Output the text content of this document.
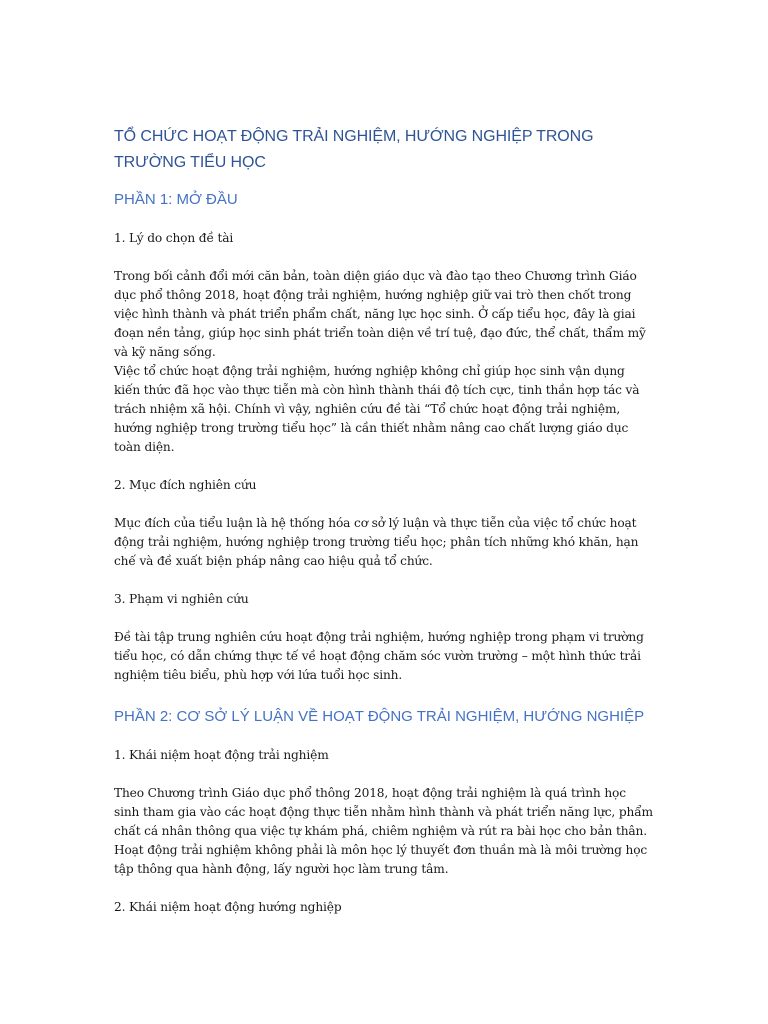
TỔ CHỨC HOẠT ĐỘNG TRẢI NGHIỆM, HƯỚNG NGHIỆP TRONG TRƯỜNG TIỂU HỌC
PHẦN 1: MỞ ĐẦU
1. Lý do chọn đề tài

Trong bối cảnh đổi mới căn bản, toàn diện giáo dục và đào tạo theo Chương trình Giáo dục phổ thông 2018, hoạt động trải nghiệm, hướng nghiệp giữ vai trò then chốt trong việc hình thành và phát triển phẩm chất, năng lực học sinh. Ở cấp tiểu học, đây là giai đoạn nền tảng, giúp học sinh phát triển toàn diện về trí tuệ, đạo đức, thể chất, thẩm mỹ và kỹ năng sống.

Việc tổ chức hoạt động trải nghiệm, hướng nghiệp không chỉ giúp học sinh vận dụng kiến thức đã học vào thực tiễn mà còn hình thành thái độ tích cực, tinh thần hợp tác và trách nhiệm xã hội. Chính vì vậy, nghiên cứu đề tài “Tổ chức hoạt động trải nghiệm, hướng nghiệp trong trường tiểu học” là cần thiết nhằm nâng cao chất lượng giáo dục toàn diện.

2. Mục đích nghiên cứu

Mục đích của tiểu luận là hệ thống hóa cơ sở lý luận và thực tiễn của việc tổ chức hoạt động trải nghiệm, hướng nghiệp trong trường tiểu học; phân tích những khó khăn, hạn chế và đề xuất biện pháp nâng cao hiệu quả tổ chức.

3. Phạm vi nghiên cứu

Đề tài tập trung nghiên cứu hoạt động trải nghiệm, hướng nghiệp trong phạm vi trường tiểu học, có dẫn chứng thực tế về hoạt động chăm sóc vườn trường – một hình thức trải nghiệm tiêu biểu, phù hợp với lứa tuổi học sinh.

PHẦN 2: CƠ SỞ LÝ LUẬN VỀ HOẠT ĐỘNG TRẢI NGHIỆM, HƯỚNG NGHIỆP
1. Khái niệm hoạt động trải nghiệm

Theo Chương trình Giáo dục phổ thông 2018, hoạt động trải nghiệm là quá trình học sinh tham gia vào các hoạt động thực tiễn nhằm hình thành và phát triển năng lực, phẩm chất cá nhân thông qua việc tự khám phá, chiêm nghiệm và rút ra bài học cho bản thân.

Hoạt động trải nghiệm không phải là môn học lý thuyết đơn thuần mà là môi trường học tập thông qua hành động, lấy người học làm trung tâm.

2. Khái niệm hoạt động hướng nghiệp
